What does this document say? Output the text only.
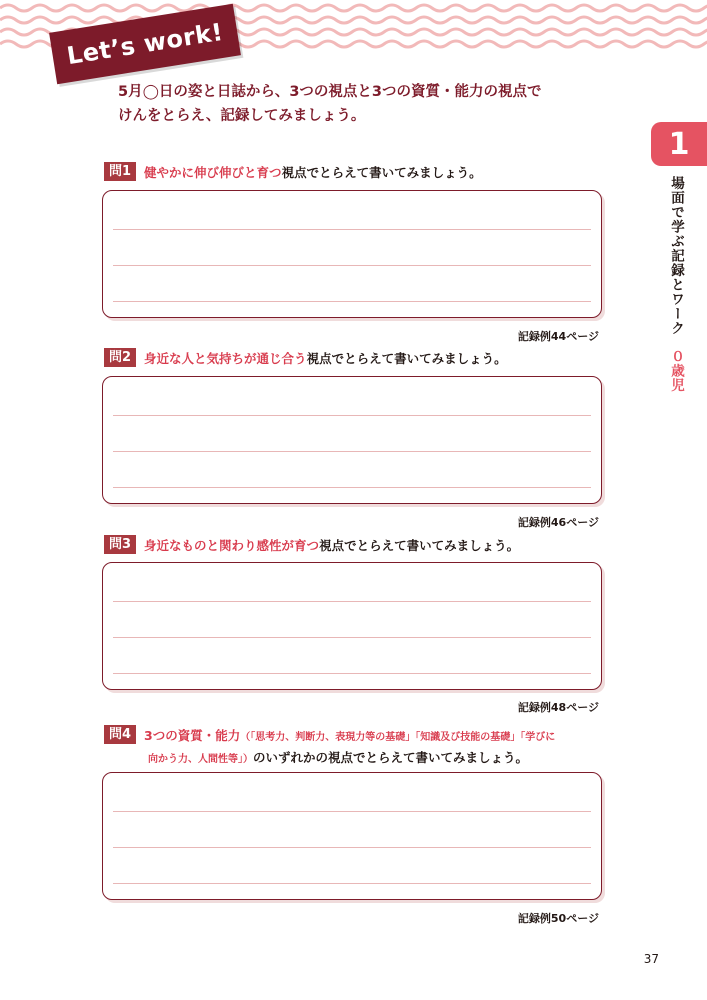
Let’s work!

5月◯日の姿と日誌から、3つの視点と3つの資質・能力の視点で
けんをとらえ、記録してみましょう。

1
場面で学ぶ記録とワーク ０歳児
問1	健やかに伸び伸びと育つ視点でとらえて書いてみましょう。
記録例44ページ
問2	身近な人と気持ちが通じ合う視点でとらえて書いてみましょう。
記録例46ページ
問3	身近なものと関わり感性が育つ視点でとらえて書いてみましょう。
記録例48ページ
問4	3つの資質・能力（「思考力、判断力、表現力等の基礎」「知識及び技能の基礎」「学びに
向かう力、人間性等」）のいずれかの視点でとらえて書いてみましょう。
記録例50ページ
37
